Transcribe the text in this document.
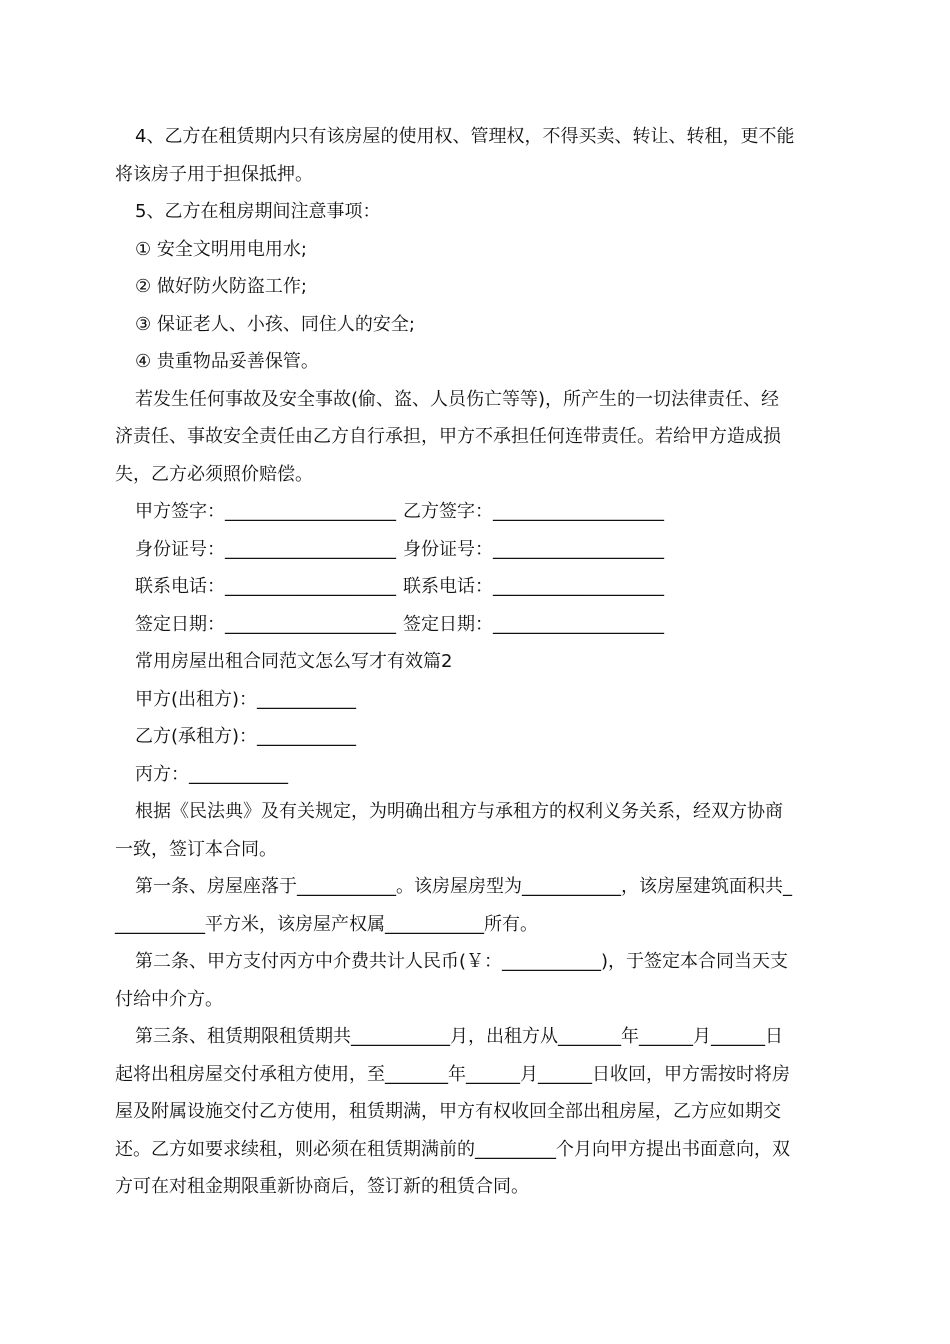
4、乙方在租赁期内只有该房屋的使用权、管理权，不得买卖、转让、转租，更不能

将该房子用于担保抵押。

5、乙方在租房期间注意事项：

① 安全文明用电用水;

② 做好防火防盗工作;

③ 保证老人、小孩、同住人的安全;

④ 贵重物品妥善保管。

若发生任何事故及安全事故(偷、盗、人员伤亡等等)，所产生的一切法律责任、经

济责任、事故安全责任由乙方自行承担，甲方不承担任何连带责任。若给甲方造成损

失，乙方必须照价赔偿。

甲方签字：___________________ 乙方签字：___________________
身份证号：___________________ 身份证号：___________________
联系电话：___________________ 联系电话：___________________
签定日期：___________________ 签定日期：___________________

常用房屋出租合同范文怎么写才有效篇2

甲方(出租方)：___________

乙方(承租方)：___________

丙方：___________

根据《民法典》及有关规定，为明确出租方与承租方的权利义务关系，经双方协商

一致，签订本合同。

第一条、房屋座落于___________。该房屋房型为___________，该房屋建筑面积共_

__________平方米，该房屋产权属___________所有。

第二条、甲方支付丙方中介费共计人民币(￥：___________)，于签定本合同当天支

付给中介方。

第三条、租赁期限租赁期共___________月，出租方从_______年______月______日

起将出租房屋交付承租方使用，至_______年______月______日收回，甲方需按时将房

屋及附属设施交付乙方使用，租赁期满，甲方有权收回全部出租房屋，乙方应如期交

还。乙方如要求续租，则必须在租赁期满前的_________个月向甲方提出书面意向，双

方可在对租金期限重新协商后，签订新的租赁合同。
